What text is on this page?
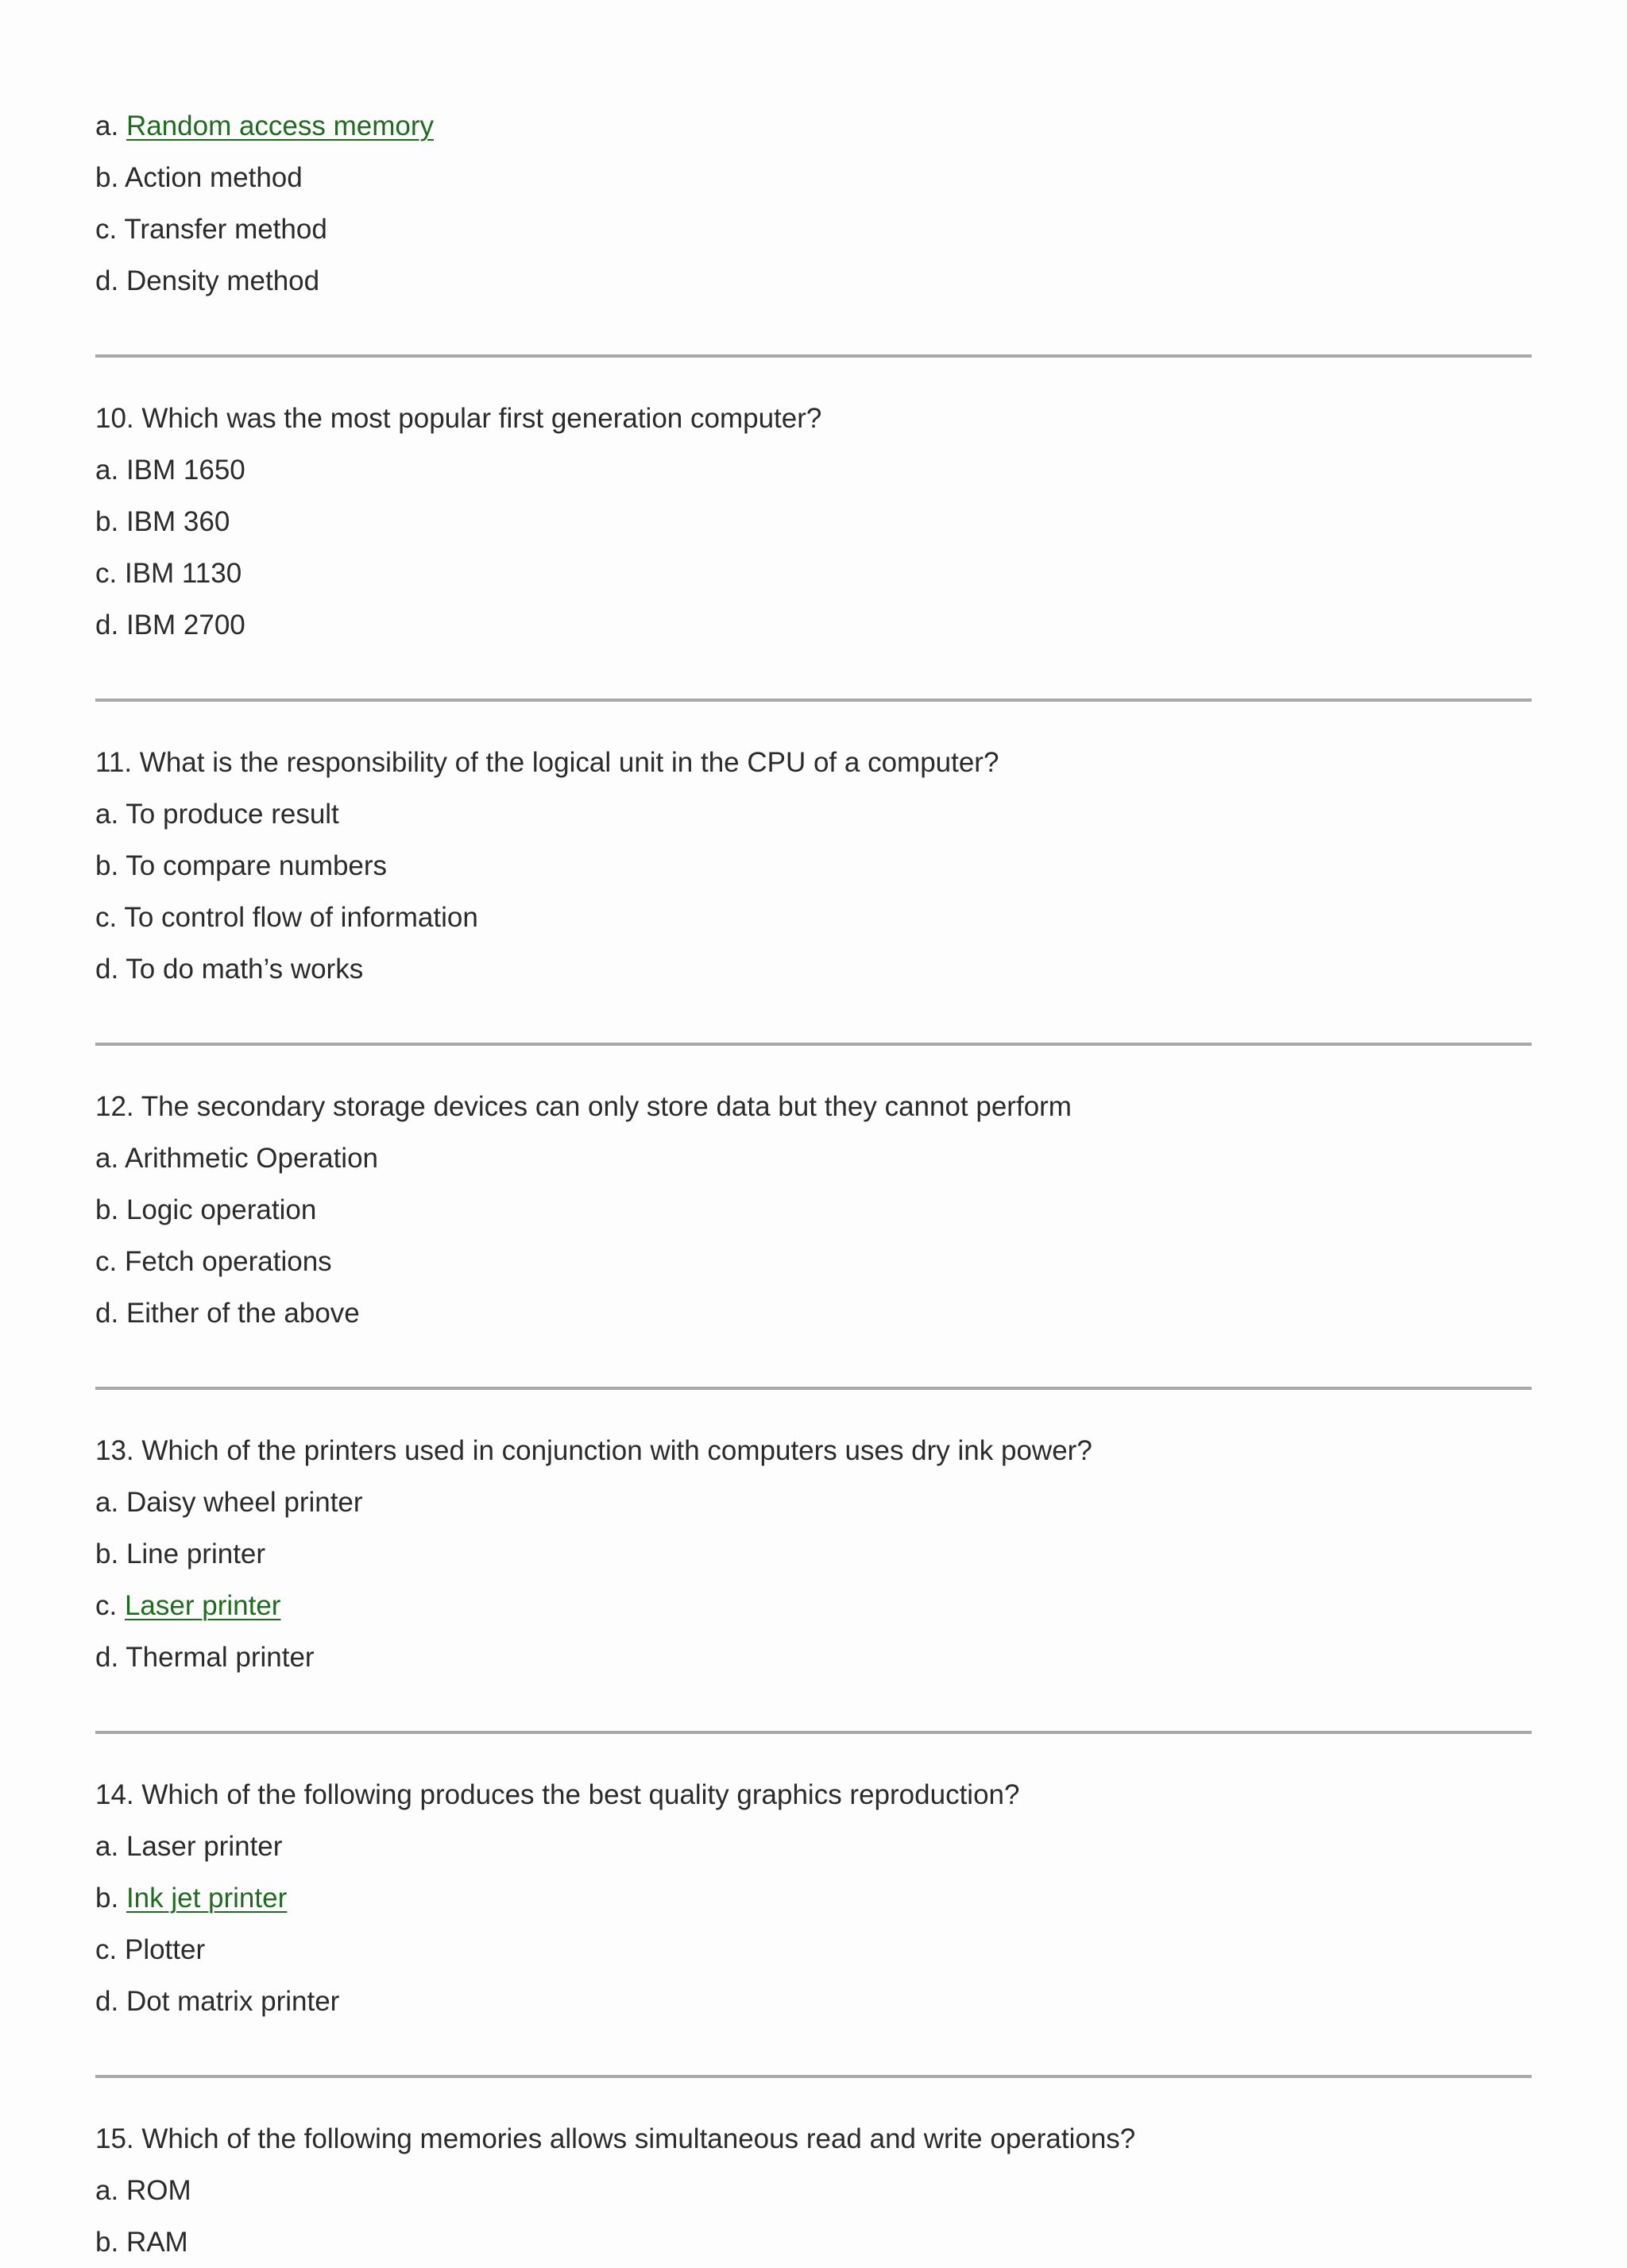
a. Random access memory
b. Action method
c. Transfer method
d. Density method
10. Which was the most popular first generation computer?
a. IBM 1650
b. IBM 360
c. IBM 1130
d. IBM 2700
11. What is the responsibility of the logical unit in the CPU of a computer?
a. To produce result
b. To compare numbers
c. To control flow of information
d. To do math’s works
12. The secondary storage devices can only store data but they cannot perform
a. Arithmetic Operation
b. Logic operation
c. Fetch operations
d. Either of the above
13. Which of the printers used in conjunction with computers uses dry ink power?
a. Daisy wheel printer
b. Line printer
c. Laser printer
d. Thermal printer
14. Which of the following produces the best quality graphics reproduction?
a. Laser printer
b. Ink jet printer
c. Plotter
d. Dot matrix printer
15. Which of the following memories allows simultaneous read and write operations?
a. ROM
b. RAM
